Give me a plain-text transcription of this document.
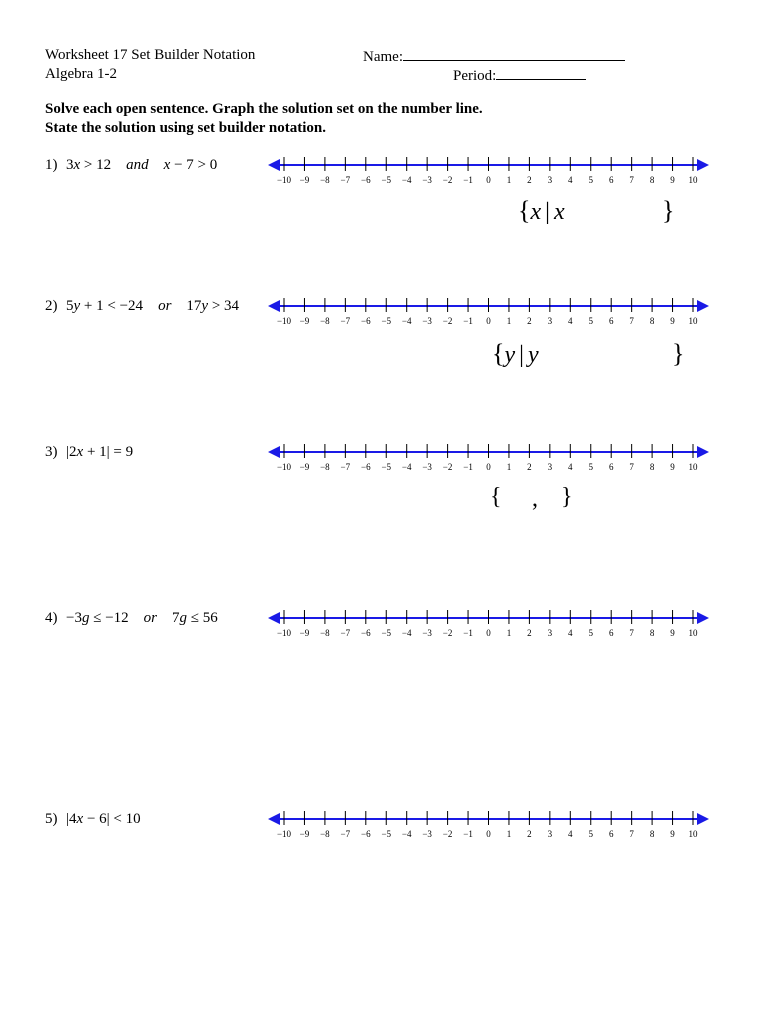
Worksheet 17 Set Builder Notation
Algebra 1-2
Name:
Period:
Solve each open sentence. Graph the solution set on the number line.
State the solution using set builder notation.
1) 3x > 12    and    x − 7 > 0
−10 −9 −8 −7 −6 −5 −4 −3 −2 −1 0 1 2 3 4 5 6 7 8 9 10
{x | x	}
2) 5y + 1 < −24    or    17y > 34
−10 −9 −8 −7 −6 −5 −4 −3 −2 −1 0 1 2 3 4 5 6 7 8 9 10
{y | y	}
3) |2x + 1| = 9
−10 −9 −8 −7 −6 −5 −4 −3 −2 −1 0 1 2 3 4 5 6 7 8 9 10
{ , }
4) −3g ≤ −12    or    7g ≤ 56
−10 −9 −8 −7 −6 −5 −4 −3 −2 −1 0 1 2 3 4 5 6 7 8 9 10
5) |4x − 6| < 10
−10 −9 −8 −7 −6 −5 −4 −3 −2 −1 0 1 2 3 4 5 6 7 8 9 10
